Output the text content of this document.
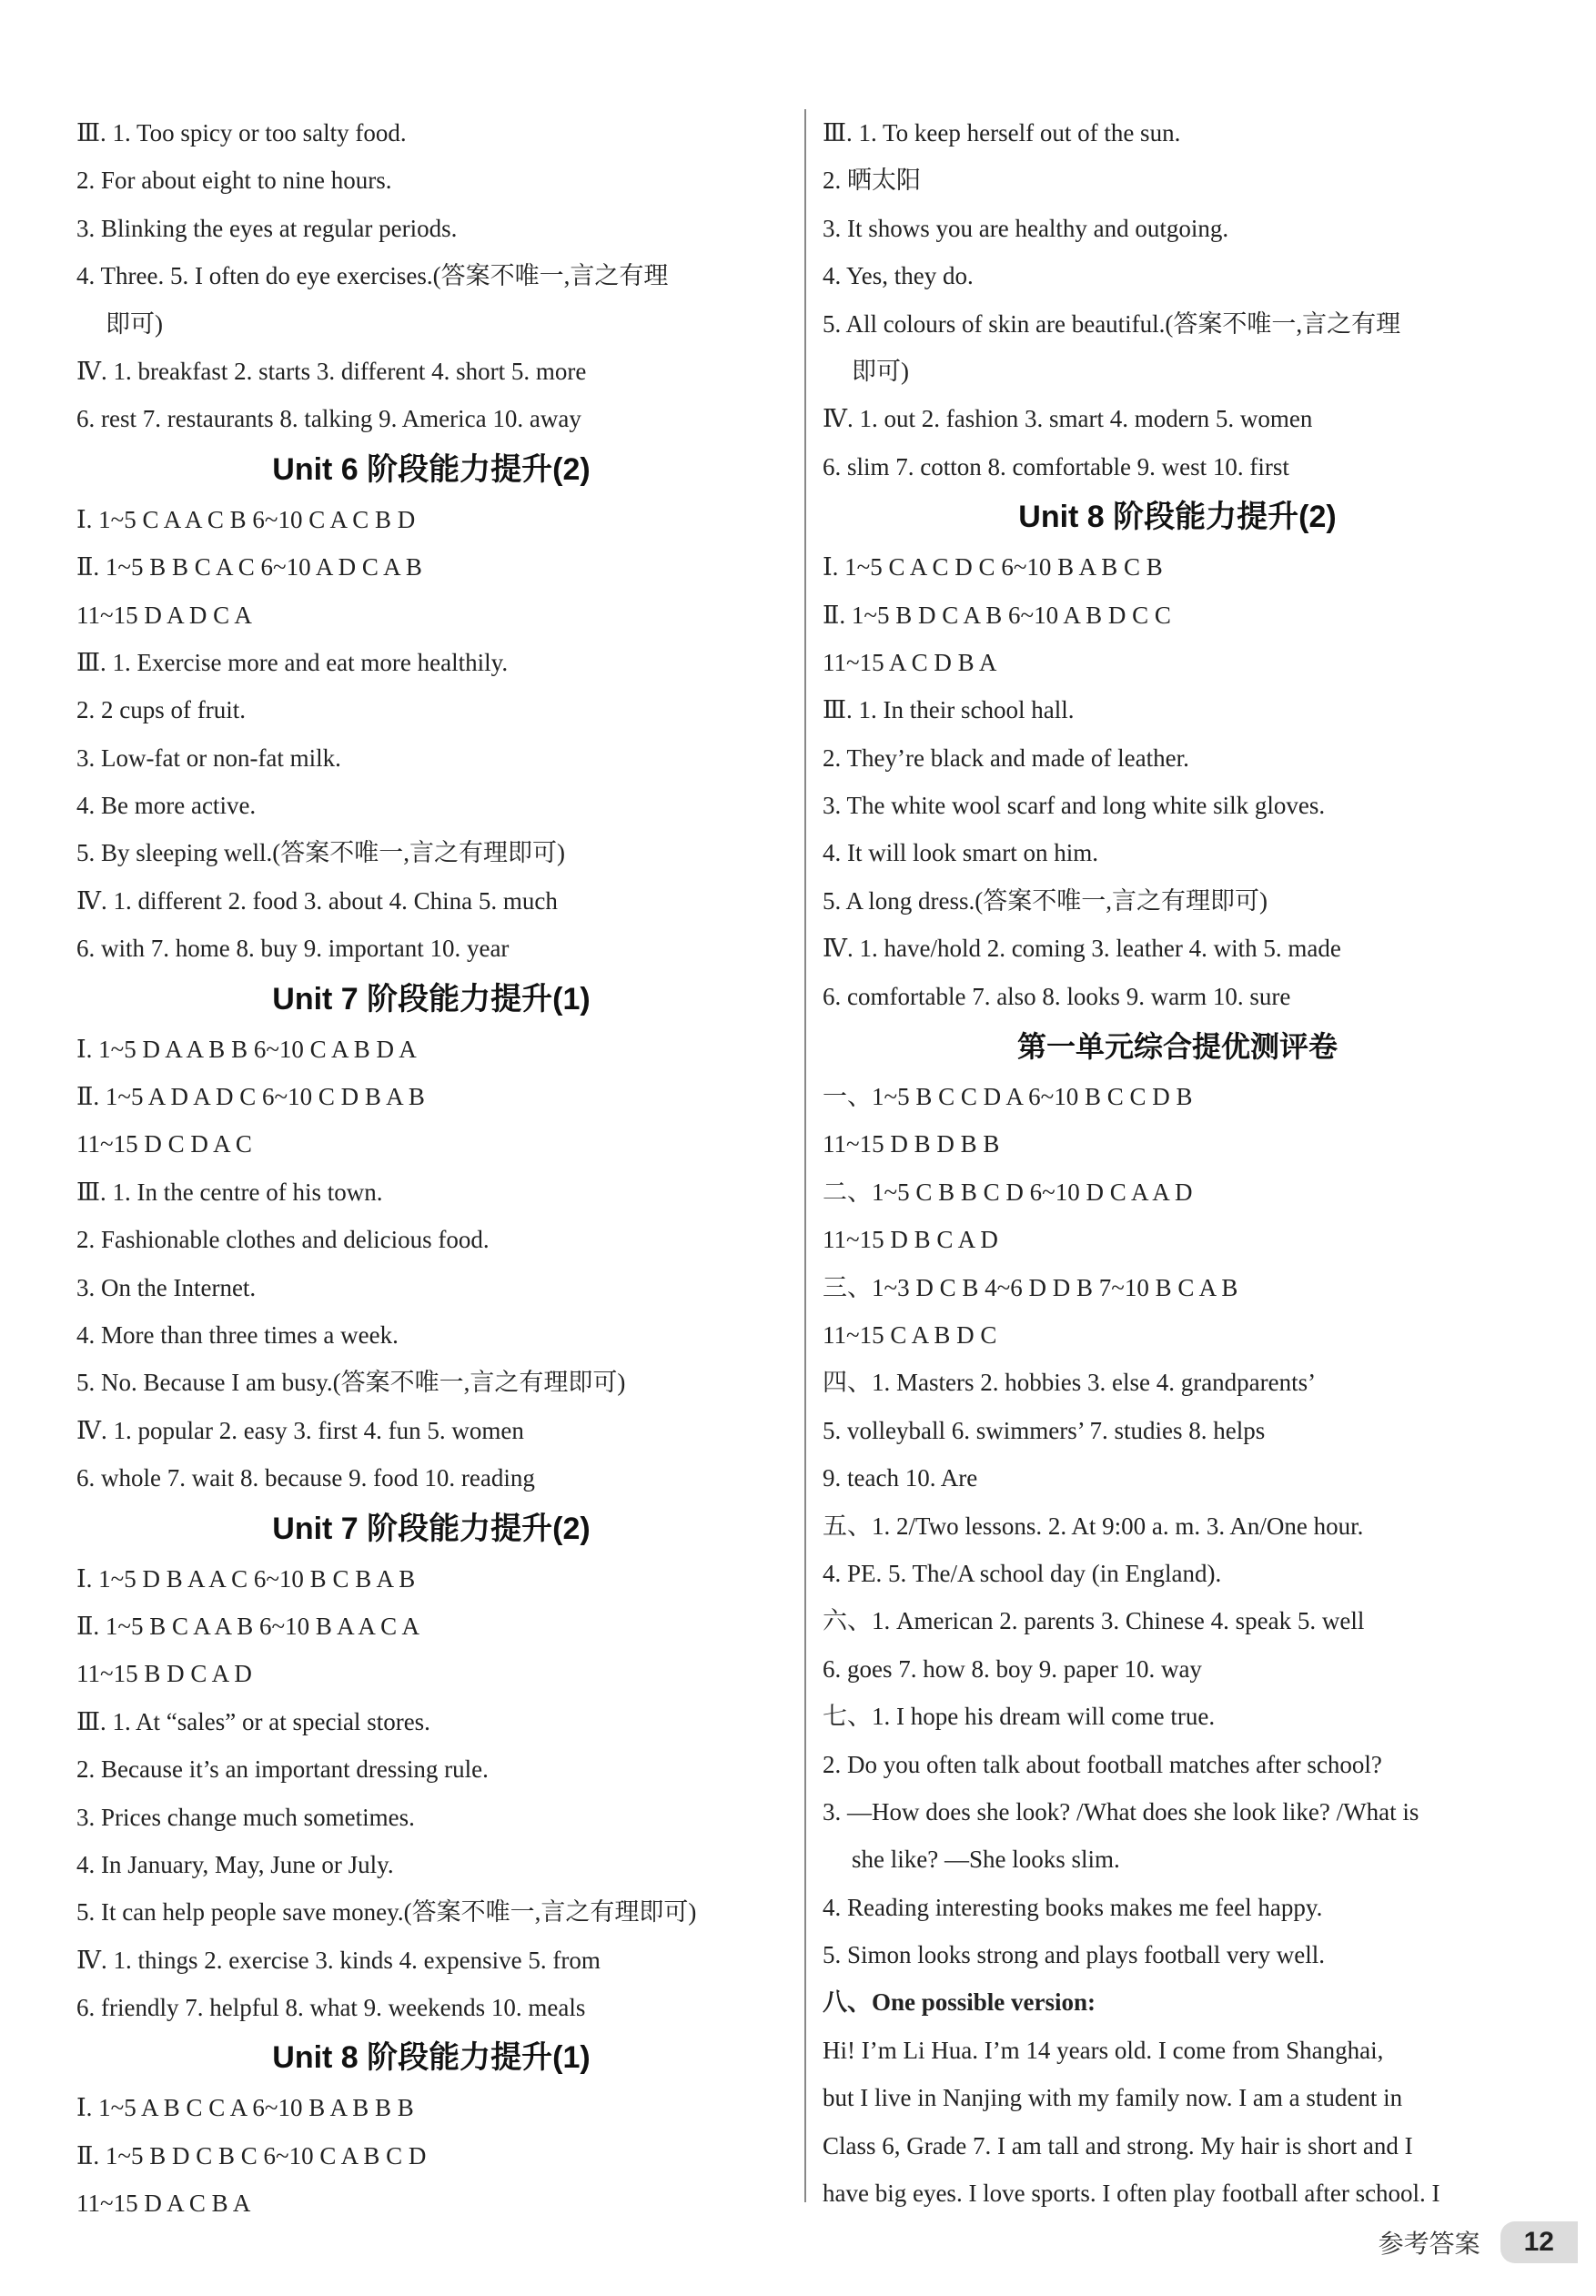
Ⅲ. 1. Too spicy or too salty food.
2. For about eight to nine hours.
3. Blinking the eyes at regular periods.
4. Three. 5. I often do eye exercises.(答案不唯一,言之有理
即可)
Ⅳ. 1. breakfast 2. starts 3. different 4. short 5. more
6. rest 7. restaurants 8. talking 9. America 10. away
Unit 6 阶段能力提升(2)
Ⅰ. 1~5 C A A C B 6~10 C A C B D
Ⅱ. 1~5 B B C A C 6~10 A D C A B
11~15 D A D C A
Ⅲ. 1. Exercise more and eat more healthily.
2. 2 cups of fruit.
3. Low-fat or non-fat milk.
4. Be more active.
5. By sleeping well.(答案不唯一,言之有理即可)
Ⅳ. 1. different 2. food 3. about 4. China 5. much
6. with 7. home 8. buy 9. important 10. year
Unit 7 阶段能力提升(1)
Ⅰ. 1~5 D A A B B 6~10 C A B D A
Ⅱ. 1~5 A D A D C 6~10 C D B A B
11~15 D C D A C
Ⅲ. 1. In the centre of his town.
2. Fashionable clothes and delicious food.
3. On the Internet.
4. More than three times a week.
5. No. Because I am busy.(答案不唯一,言之有理即可)
Ⅳ. 1. popular 2. easy 3. first 4. fun 5. women
6. whole 7. wait 8. because 9. food 10. reading
Unit 7 阶段能力提升(2)
Ⅰ. 1~5 D B A A C 6~10 B C B A B
Ⅱ. 1~5 B C A A B 6~10 B A A C A
11~15 B D C A D
Ⅲ. 1. At “sales” or at special stores.
2. Because it’s an important dressing rule.
3. Prices change much sometimes.
4. In January, May, June or July.
5. It can help people save money.(答案不唯一,言之有理即可)
Ⅳ. 1. things 2. exercise 3. kinds 4. expensive 5. from
6. friendly 7. helpful 8. what 9. weekends 10. meals
Unit 8 阶段能力提升(1)
Ⅰ. 1~5 A B C C A 6~10 B A B B B
Ⅱ. 1~5 B D C B C 6~10 C A B C D
11~15 D A C B A
Ⅲ. 1. To keep herself out of the sun.
2. 晒太阳
3. It shows you are healthy and outgoing.
4. Yes, they do.
5. All colours of skin are beautiful.(答案不唯一,言之有理
即可)
Ⅳ. 1. out 2. fashion 3. smart 4. modern 5. women
6. slim 7. cotton 8. comfortable 9. west 10. first
Unit 8 阶段能力提升(2)
Ⅰ. 1~5 C A C D C 6~10 B A B C B
Ⅱ. 1~5 B D C A B 6~10 A B D C C
11~15 A C D B A
Ⅲ. 1. In their school hall.
2. They’re black and made of leather.
3. The white wool scarf and long white silk gloves.
4. It will look smart on him.
5. A long dress.(答案不唯一,言之有理即可)
Ⅳ. 1. have/hold 2. coming 3. leather 4. with 5. made
6. comfortable 7. also 8. looks 9. warm 10. sure
第一单元综合提优测评卷
一、1~5 B C C D A 6~10 B C C D B
11~15 D B D B B
二、1~5 C B B C D 6~10 D C A A D
11~15 D B C A D
三、1~3 D C B 4~6 D D B 7~10 B C A B
11~15 C A B D C
四、1. Masters 2. hobbies 3. else 4. grandparents’
5. volleyball 6. swimmers’ 7. studies 8. helps
9. teach 10. Are
五、1. 2/Two lessons. 2. At 9:00 a. m. 3. An/One hour.
4. PE. 5. The/A school day (in England).
六、1. American 2. parents 3. Chinese 4. speak 5. well
6. goes 7. how 8. boy 9. paper 10. way
七、1. I hope his dream will come true.
2. Do you often talk about football matches after school?
3. —How does she look? /What does she look like? /What is
she like? —She looks slim.
4. Reading interesting books makes me feel happy.
5. Simon looks strong and plays football very well.
八、One possible version:
Hi! I’m Li Hua. I’m 14 years old. I come from Shanghai,
but I live in Nanjing with my family now. I am a student in
Class 6, Grade 7. I am tall and strong. My hair is short and I
have big eyes. I love sports. I often play football after school. I
参考答案	12
